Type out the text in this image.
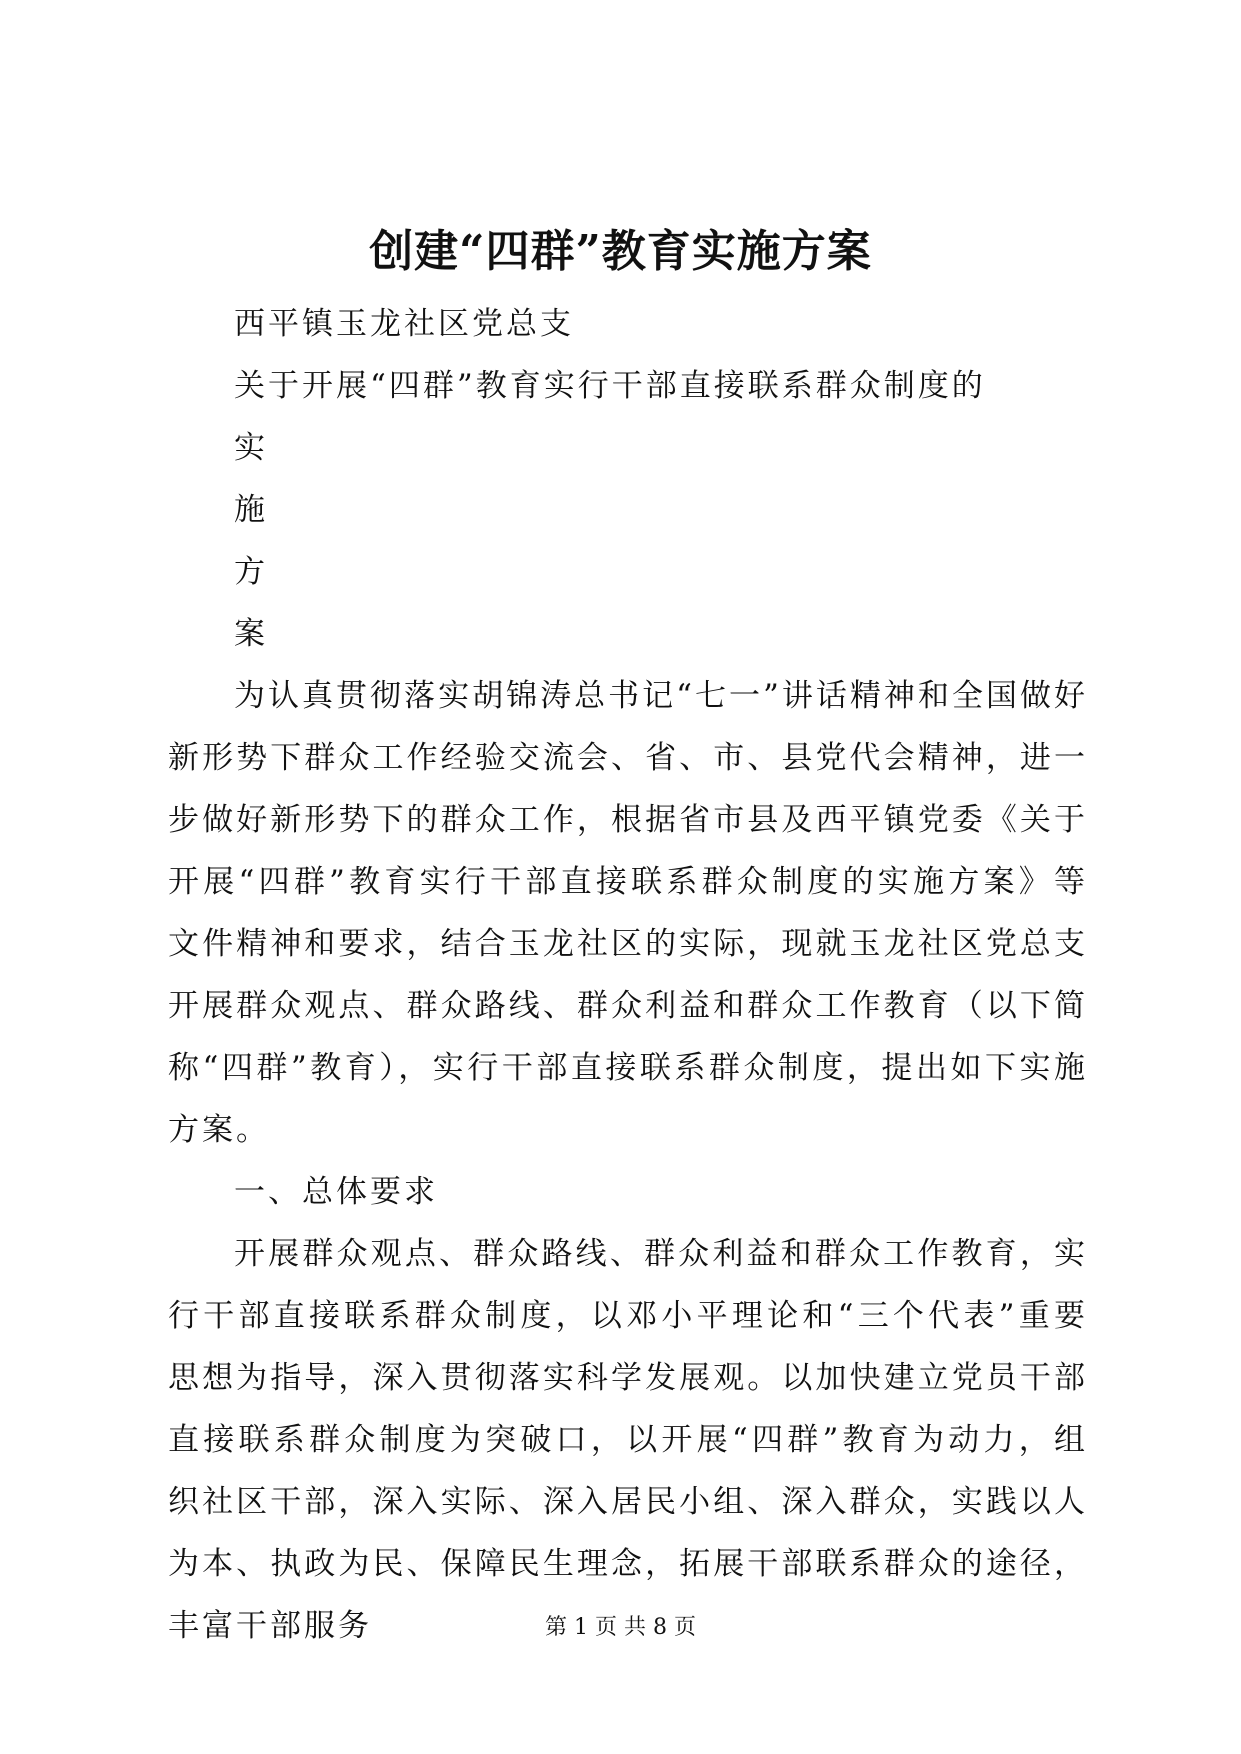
创建“四群”教育实施方案

西平镇玉龙社区党总支

关于开展“四群”教育实行干部直接联系群众制度的

实

施

方

案

为认真贯彻落实胡锦涛总书记“七一”讲话精神和全国做好新形势下群众工作经验交流会、省、市、县党代会精神，进一步做好新形势下的群众工作，根据省市县及西平镇党委《关于开展“四群”教育实行干部直接联系群众制度的实施方案》等文件精神和要求，结合玉龙社区的实际，现就玉龙社区党总支开展群众观点、群众路线、群众利益和群众工作教育（以下简称“四群”教育），实行干部直接联系群众制度，提出如下实施方案。

一、总体要求

开展群众观点、群众路线、群众利益和群众工作教育，实行干部直接联系群众制度，以邓小平理论和“三个代表”重要思想为指导，深入贯彻落实科学发展观。以加快建立党员干部直接联系群众制度为突破口，以开展“四群”教育为动力，组织社区干部，深入实际、深入居民小组、深入群众，实践以人为本、执政为民、保障民生理念，拓展干部联系群众的途径，丰富干部服务	第 1 页 共 8 页
